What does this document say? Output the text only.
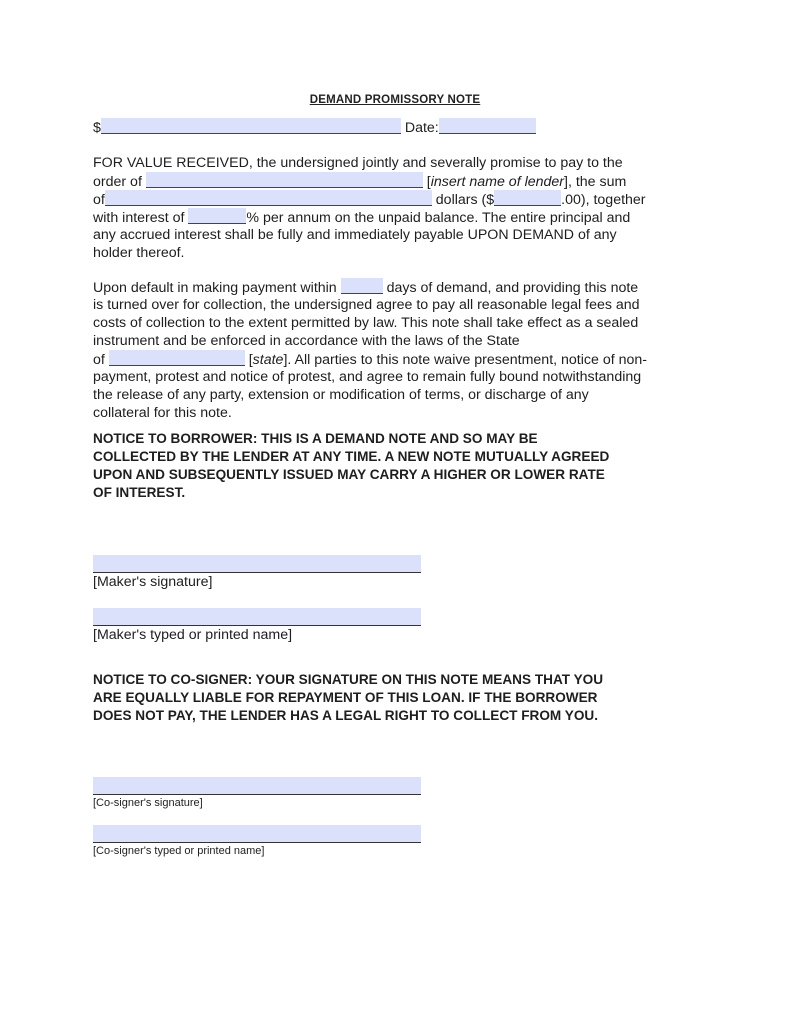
DEMAND PROMISSORY NOTE
$	Date:
FOR VALUE RECEIVED, the undersigned jointly and severally promise to pay to the
order of	[insert name of lender], the sum
of	dollars ($	.00), together
with interest of	% per annum on the unpaid balance. The entire principal and
any accrued interest shall be fully and immediately payable UPON DEMAND of any
holder thereof.
Upon default in making payment within	days of demand, and providing this note
is turned over for collection, the undersigned agree to pay all reasonable legal fees and
costs of collection to the extent permitted by law. This note shall take effect as a sealed
instrument and be enforced in accordance with the laws of the State
of	[state]. All parties to this note waive presentment, notice of non-
payment, protest and notice of protest, and agree to remain fully bound notwithstanding
the release of any party, extension or modification of terms, or discharge of any
collateral for this note.
NOTICE TO BORROWER: THIS IS A DEMAND NOTE AND SO MAY BE
COLLECTED BY THE LENDER AT ANY TIME. A NEW NOTE MUTUALLY AGREED
UPON AND SUBSEQUENTLY ISSUED MAY CARRY A HIGHER OR LOWER RATE
OF INTEREST.
[Maker's signature]
[Maker's typed or printed name]
NOTICE TO CO-SIGNER: YOUR SIGNATURE ON THIS NOTE MEANS THAT YOU
ARE EQUALLY LIABLE FOR REPAYMENT OF THIS LOAN. IF THE BORROWER
DOES NOT PAY, THE LENDER HAS A LEGAL RIGHT TO COLLECT FROM YOU.
[Co-signer's signature]
[Co-signer's typed or printed name]
